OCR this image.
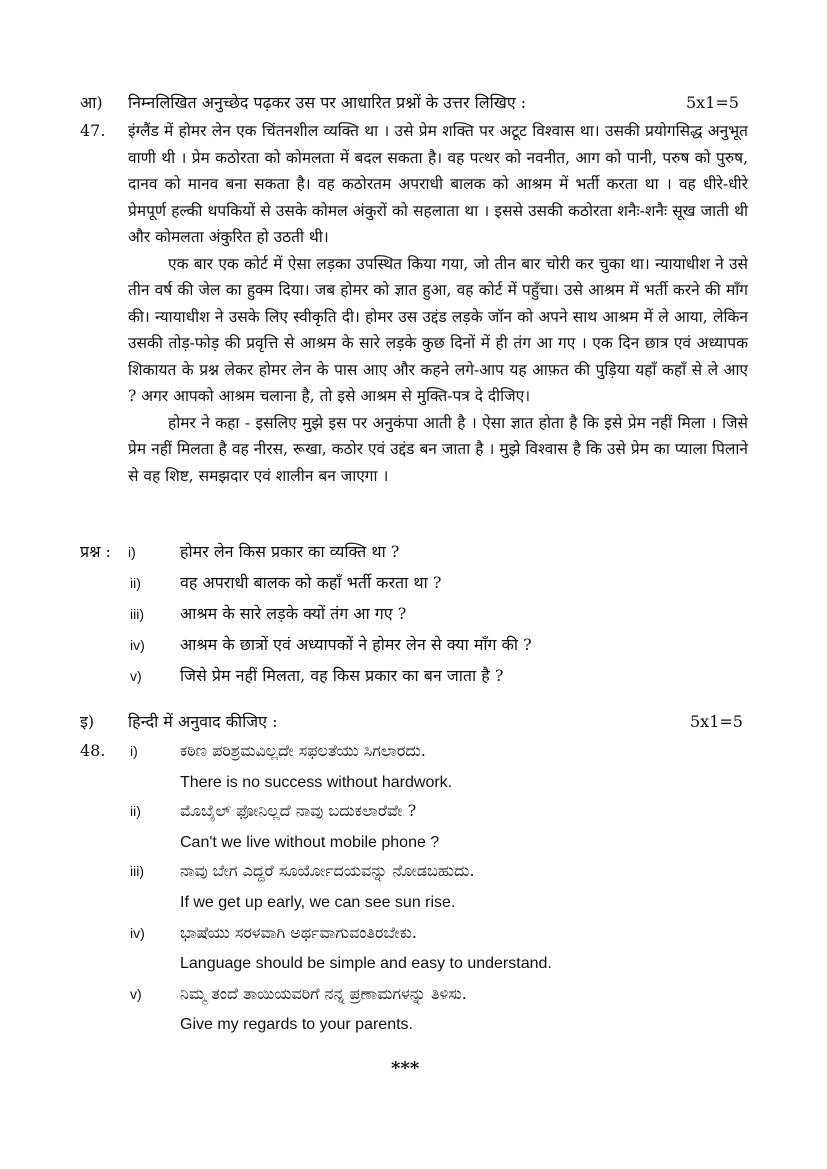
आ) निम्नलिखित अनुच्छेद पढ़कर उस पर आधारित प्रश्नों के उत्तर लिखिए :	5x1=5
47. इंग्लैंड में होमर लेन एक चिंतनशील व्यक्ति था । उसे प्रेम शक्ति पर अटूट विश्वास था। उसकी प्रयोगसिद्ध अनुभूत वाणी थी । प्रेम कठोरता को कोमलता में बदल सकता है। वह पत्थर को नवनीत, आग को पानी, परुष को पुरुष, दानव को मानव बना सकता है। वह कठोरतम अपराधी बालक को आश्रम में भर्ती करता था । वह धीरे-धीरे प्रेमपूर्ण हल्की थपकियों से उसके कोमल अंकुरों को सहलाता था । इससे उसकी कठोरता शनैः-शनैः सूख जाती थी और कोमलता अंकुरित हो उठती थी।

एक बार एक कोर्ट में ऐसा लड़का उपस्थित किया गया, जो तीन बार चोरी कर चुका था। न्यायाधीश ने उसे तीन वर्ष की जेल का हुक्म दिया। जब होमर को ज्ञात हुआ, वह कोर्ट में पहुँचा। उसे आश्रम में भर्ती करने की माँग की। न्यायाधीश ने उसके लिए स्वीकृति दी। होमर उस उद्दंड लड़के जॉन को अपने साथ आश्रम में ले आया, लेकिन उसकी तोड़-फोड़ की प्रवृत्ति से आश्रम के सारे लड़के कुछ दिनों में ही तंग आ गए । एक दिन छात्र एवं अध्यापक शिकायत के प्रश्न लेकर होमर लेन के पास आए और कहने लगे-आप यह आफ़त की पुड़िया यहाँ कहाँ से ले आए ? अगर आपको आश्रम चलाना है, तो इसे आश्रम से मुक्ति-पत्र दे दीजिए।

होमर ने कहा - इसलिए मुझे इस पर अनुकंपा आती है । ऐसा ज्ञात होता है कि इसे प्रेम नहीं मिला । जिसे प्रेम नहीं मिलता है वह नीरस, रूखा, कठोर एवं उद्दंड बन जाता है । मुझे विश्वास है कि उसे प्रेम का प्याला पिलाने से वह शिष्ट, समझदार एवं शालीन बन जाएगा ।

प्रश्न : i)	होमर लेन किस प्रकार का व्यक्ति था ?
ii) वह अपराधी बालक को कहाँ भर्ती करता था ?
iii) आश्रम के सारे लड़के क्यों तंग आ गए ?
iv) आश्रम के छात्रों एवं अध्यापकों ने होमर लेन से क्या माँग की ?
v) जिसे प्रेम नहीं मिलता, वह किस प्रकार का बन जाता है ?
इ) हिन्दी में अनुवाद कीजिए :	5x1=5
48. i)	ಕಠಿಣ ಪರಿಶ್ರಮವಿಲ್ಲದೇ ಸಫಲತೆಯು ಸಿಗಲಾರದು.
There is no success without hardwork.
ii) ಮೊಬೈಲ್ ಫೋನಿಲ್ಲದೆ ನಾವು ಬದುಕಲಾರೆವೇ ?
Can't we live without mobile phone ?
iii) ನಾವು ಬೇಗ ಎದ್ದರೆ ಸೂರ್ಯೋದಯವನ್ನು ನೋಡಬಹುದು.
If we get up early, we can see sun rise.
iv) ಭಾಷೆಯು ಸರಳವಾಗಿ ಅರ್ಥವಾಗುವಂತಿರಬೇಕು.
Language should be simple and easy to understand.
v) ನಿಮ್ಮ ತಂದೆ ತಾಯಿಯವರಿಗೆ ನನ್ನ ಪ್ರಣಾಮಗಳನ್ನು ತಿಳಿಸು.
Give my regards to your parents.
***
